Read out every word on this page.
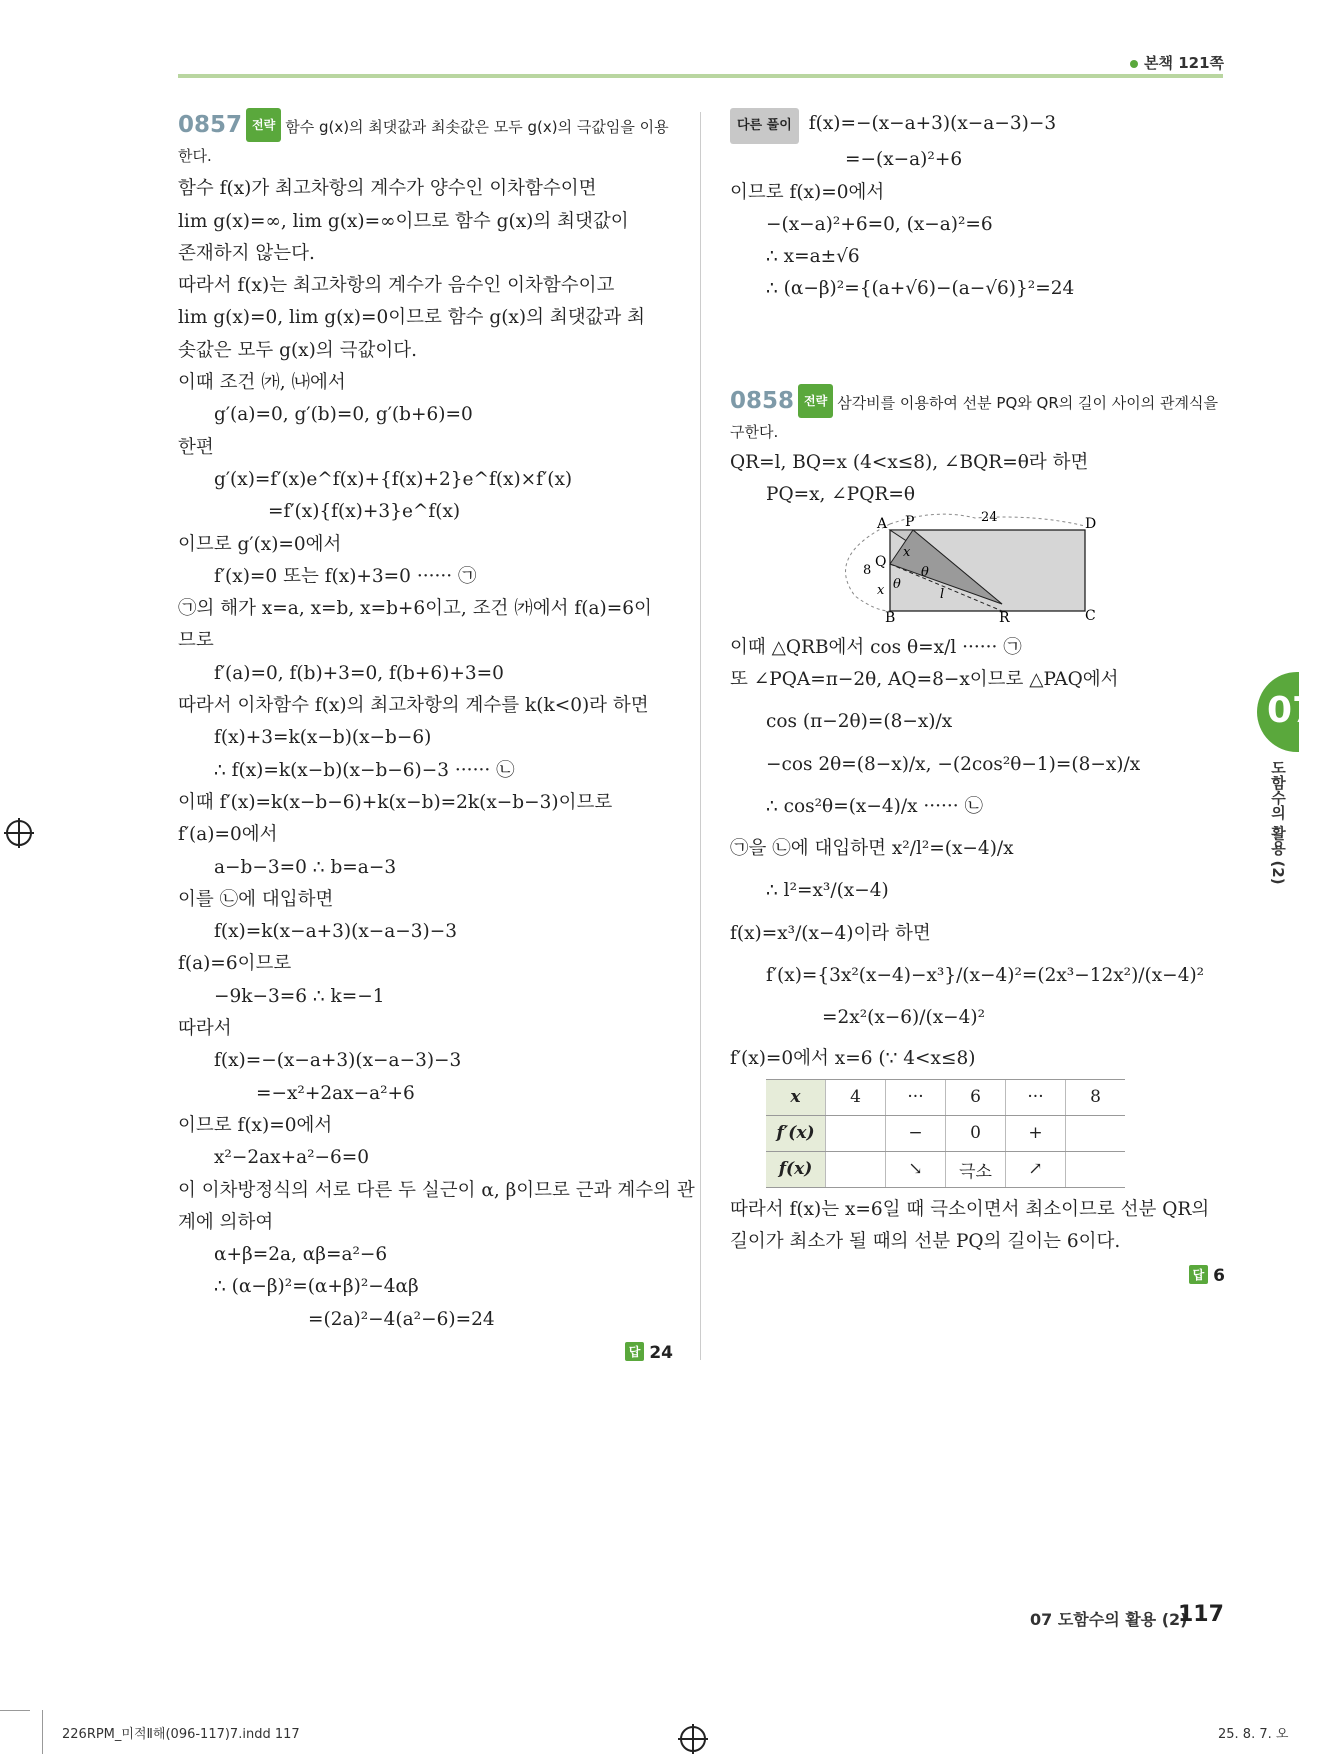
본책 121쪽
0857 전략 함수 g(x)의 최댓값과 최솟값은 모두 g(x)의 극값임을 이용
한다.
함수 f(x)가 최고차항의 계수가 양수인 이차함수이면
lim g(x)=∞, lim g(x)=∞이므로 함수 g(x)의 최댓값이
존재하지 않는다.
따라서 f(x)는 최고차항의 계수가 음수인 이차함수이고
lim g(x)=0, lim g(x)=0이므로 함수 g(x)의 최댓값과 최
솟값은 모두 g(x)의 극값이다.
이때 조건 ㈎, ㈏에서
g′(a)=0, g′(b)=0, g′(b+6)=0
한편
g′(x)=f′(x)e^f(x)+{f(x)+2}e^f(x)×f′(x)
=f′(x){f(x)+3}e^f(x)
이므로 g′(x)=0에서
f′(x)=0 또는 f(x)+3=0 ······ ㉠
㉠의 해가 x=a, x=b, x=b+6이고, 조건 ㈎에서 f(a)=6이
므로
f′(a)=0, f(b)+3=0, f(b+6)+3=0
따라서 이차함수 f(x)의 최고차항의 계수를 k(k<0)라 하면
f(x)+3=k(x−b)(x−b−6)
∴ f(x)=k(x−b)(x−b−6)−3 ······ ㉡
이때 f′(x)=k(x−b−6)+k(x−b)=2k(x−b−3)이므로
f′(a)=0에서
a−b−3=0 ∴ b=a−3
이를 ㉡에 대입하면
f(x)=k(x−a+3)(x−a−3)−3
f(a)=6이므로
−9k−3=6 ∴ k=−1
따라서
f(x)=−(x−a+3)(x−a−3)−3
=−x²+2ax−a²+6
이므로 f(x)=0에서
x²−2ax+a²−6=0
이 이차방정식의 서로 다른 두 실근이 α, β이므로 근과 계수의 관
계에 의하여
α+β=2a, αβ=a²−6
∴ (α−β)²=(α+β)²−4αβ
=(2a)²−4(a²−6)=24
답 24
다른 풀이 f(x)=−(x−a+3)(x−a−3)−3
=−(x−a)²+6
이므로 f(x)=0에서
−(x−a)²+6=0, (x−a)²=6
∴ x=a±√6
∴ (α−β)²={(a+√6)−(a−√6)}²=24
0858 전략 삼각비를 이용하여 선분 PQ와 QR의 길이 사이의 관계식을
구한다.
QR=l, BQ=x (4<x≤8), ∠BQR=θ라 하면
PQ=x, ∠PQR=θ
A P	24	D
Q
8
x
θ
x θ
l
B	R	C
이때 △QRB에서 cos θ=x/l ······ ㉠
또 ∠PQA=π−2θ, AQ=8−x이므로 △PAQ에서
cos (π−2θ)=(8−x)/x
−cos 2θ=(8−x)/x, −(2cos²θ−1)=(8−x)/x
∴ cos²θ=(x−4)/x ······ ㉡
㉠을 ㉡에 대입하면 x²/l²=(x−4)/x
∴ l²=x³/(x−4)
f(x)=x³/(x−4)이라 하면
f′(x)={3x²(x−4)−x³}/(x−4)²=(2x³−12x²)/(x−4)²
=2x²(x−6)/(x−4)²
f′(x)=0에서 x=6 (∵ 4<x≤8)
x	4	···	6	···	8
f′(x)		−	0	+	
f(x)		↘	극소	↗	
따라서 f(x)는 x=6일 때 극소이면서 최소이므로 선분 QR의
길이가 최소가 될 때의 선분 PQ의 길이는 6이다.
답 6
07
도함수의 활용 (2)
07 도함수의 활용 (2)
117
226RPM_미적Ⅱ해(096-117)7.indd 117	25. 8. 7. 오
